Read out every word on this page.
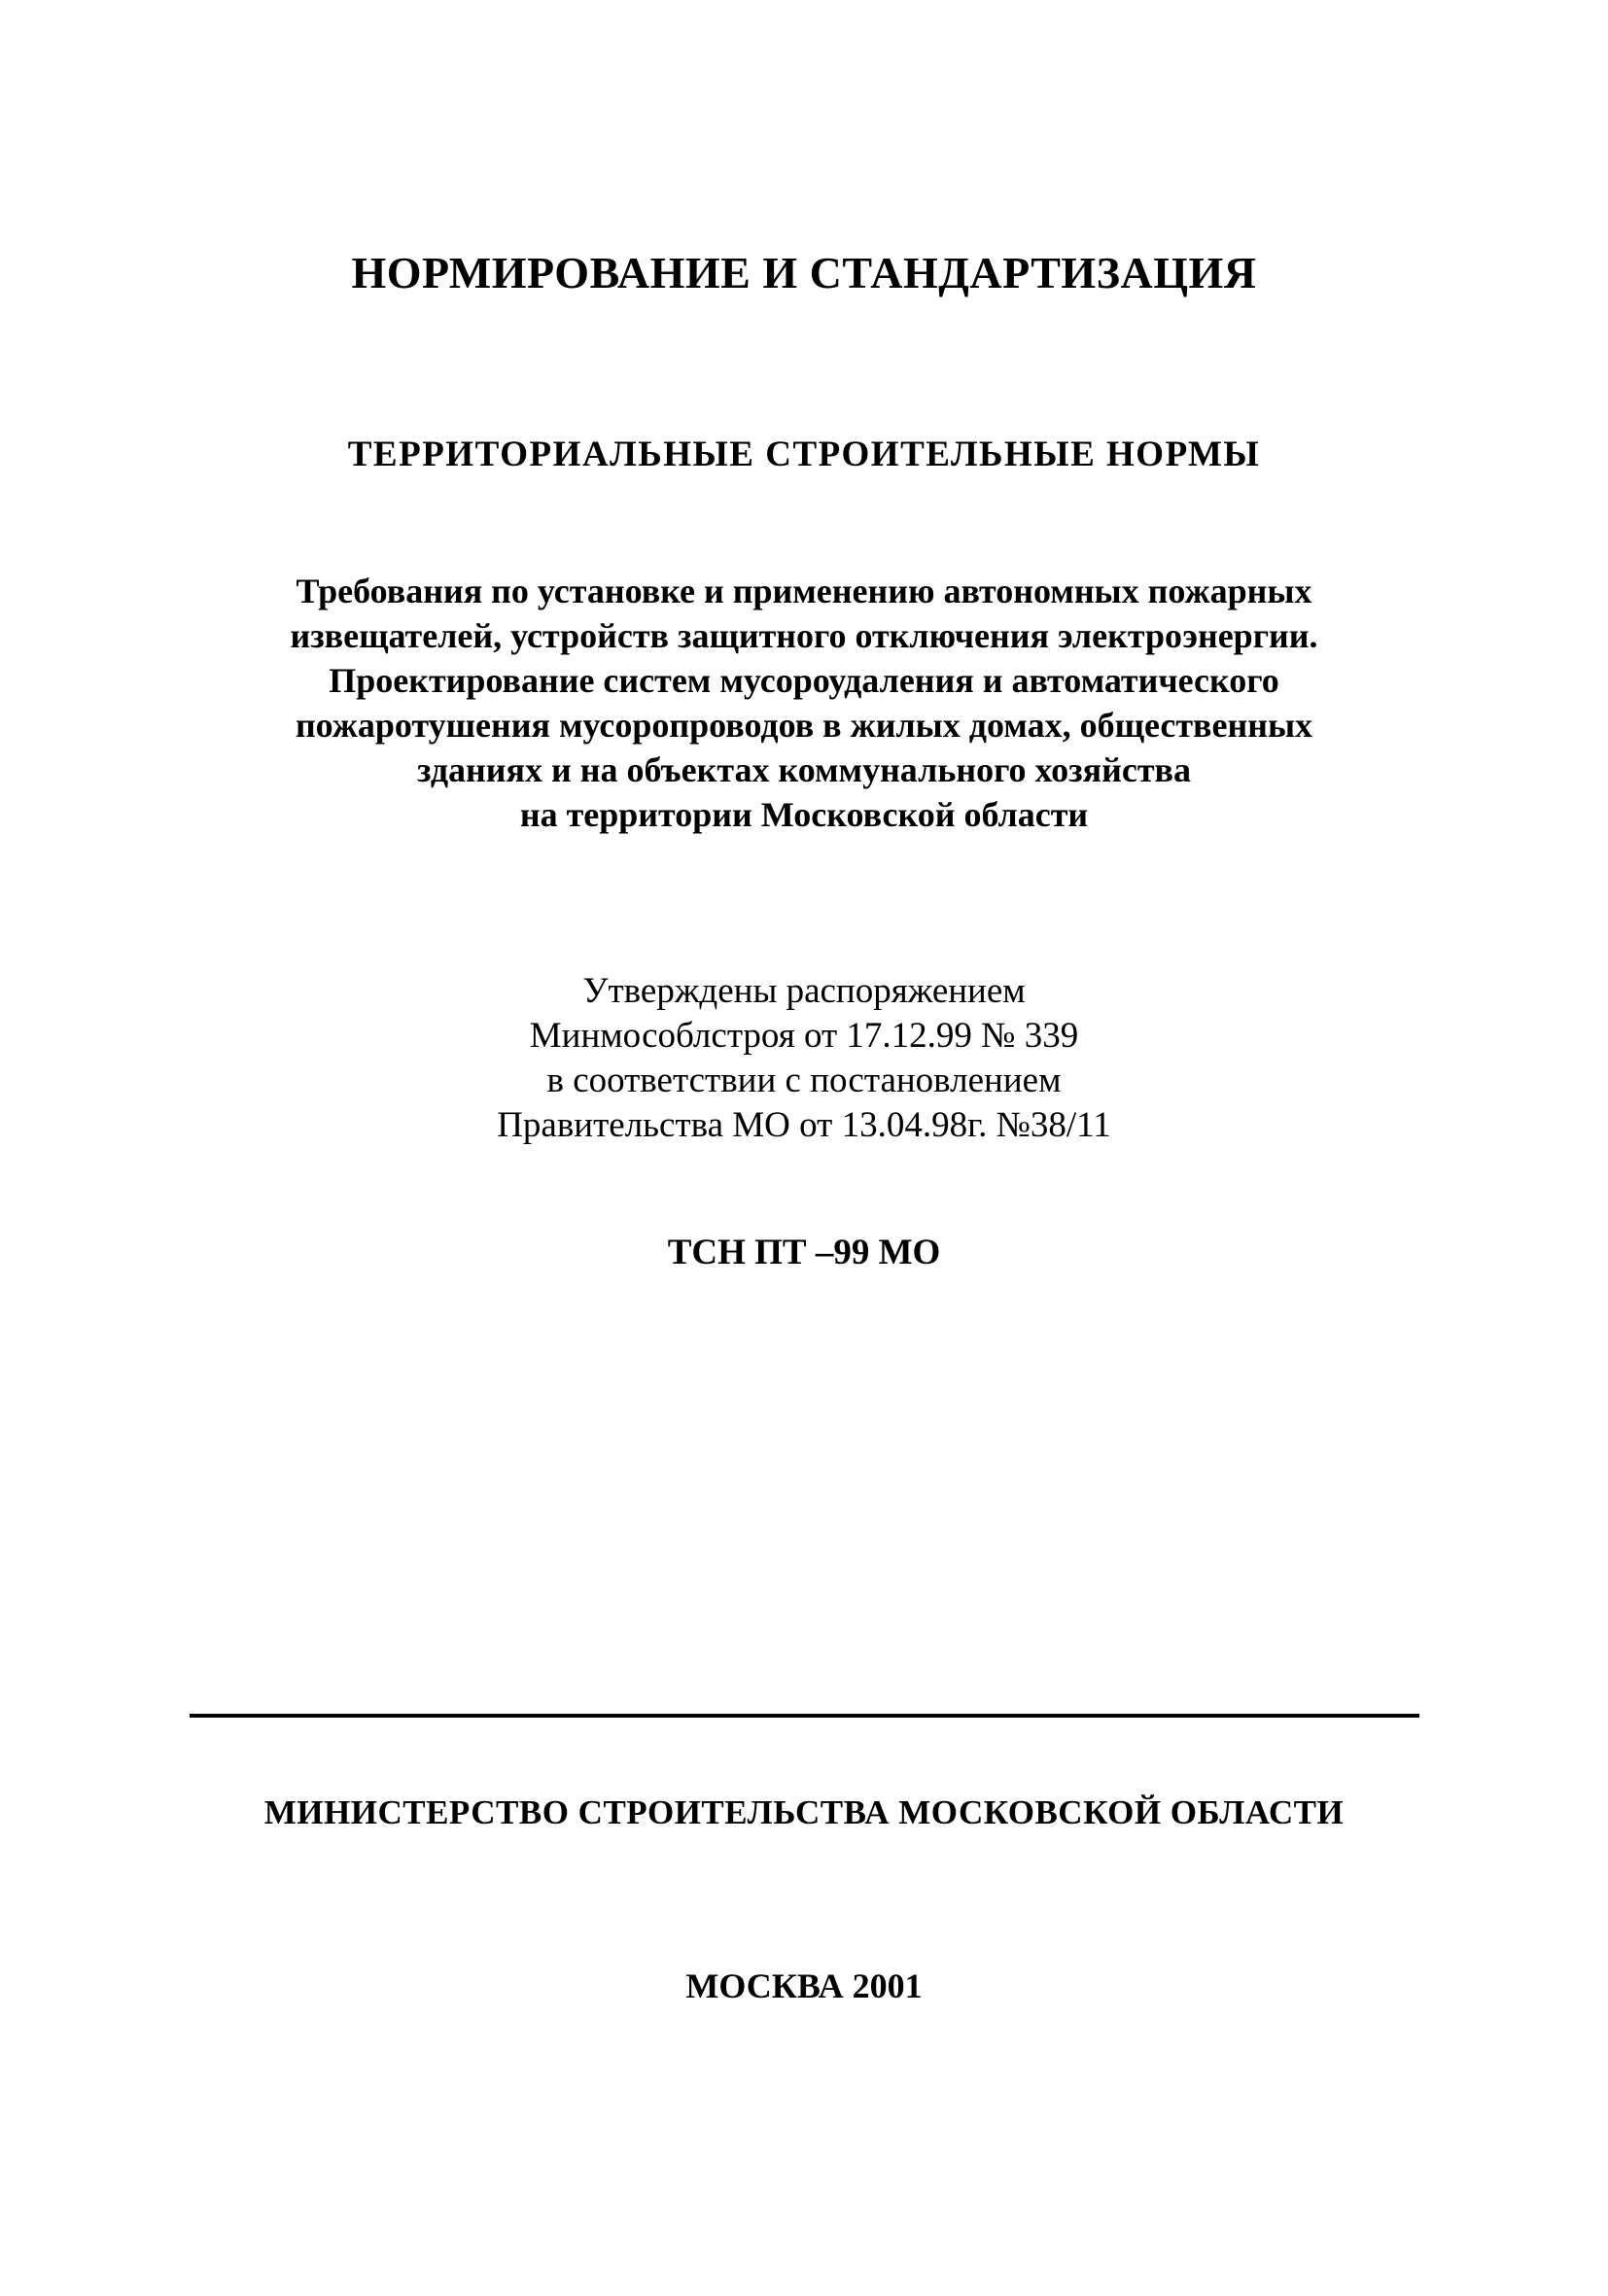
НОРМИРОВАНИЕ И СТАНДАРТИЗАЦИЯ
ТЕРРИТОРИАЛЬНЫЕ СТРОИТЕЛЬНЫЕ НОРМЫ
Требования по установке и применению автономных пожарных
извещателей, устройств защитного отключения электроэнергии.
Проектирование систем мусороудаления и автоматического
пожаротушения мусоропроводов в жилых домах, общественных
зданиях и на объектах коммунального хозяйства
на территории Московской области
Утверждены распоряжением
Минмособлстроя от 17.12.99 № 339
в соответствии с постановлением
Правительства МО от 13.04.98г. №38/11
ТСН ПТ –99 МО
МИНИСТЕРСТВО СТРОИТЕЛЬСТВА МОСКОВСКОЙ ОБЛАСТИ
МОСКВА 2001
